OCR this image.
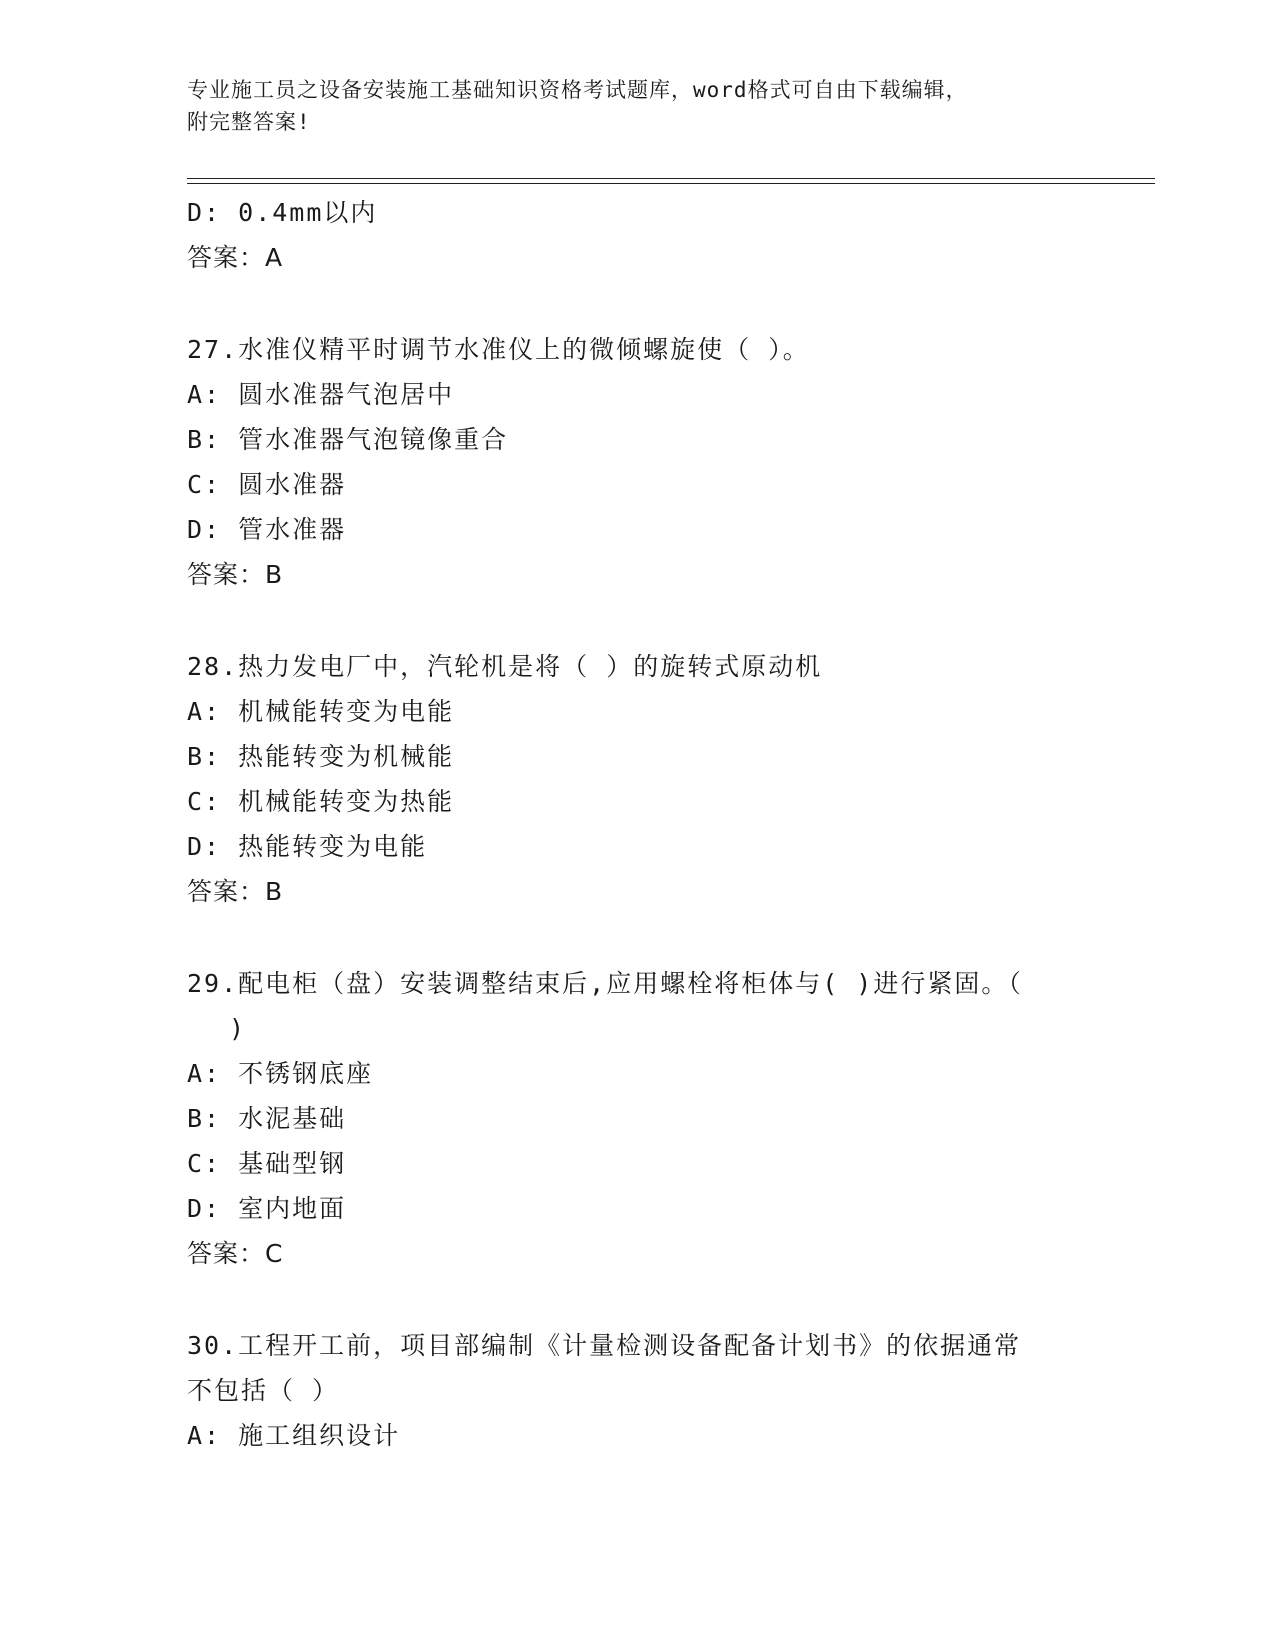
专业施工员之设备安装施工基础知识资格考试题库，word格式可自由下载编辑，
附完整答案!
D: 0.4mm以内
答案：A
27.水准仪精平时调节水准仪上的微倾螺旋使（ ）。
A: 圆水准器气泡居中
B: 管水准器气泡镜像重合
C: 圆水准器
D: 管水准器
答案：B
28.热力发电厂中，汽轮机是将（ ）的旋转式原动机
A: 机械能转变为电能
B: 热能转变为机械能
C: 机械能转变为热能
D: 热能转变为电能
答案：B
29.配电柜（盘）安装调整结束后,应用螺栓将柜体与( )进行紧固。（
)
A: 不锈钢底座
B: 水泥基础
C: 基础型钢
D: 室内地面
答案：C
30.工程开工前，项目部编制《计量检测设备配备计划书》的依据通常
不包括（ ）
A: 施工组织设计
